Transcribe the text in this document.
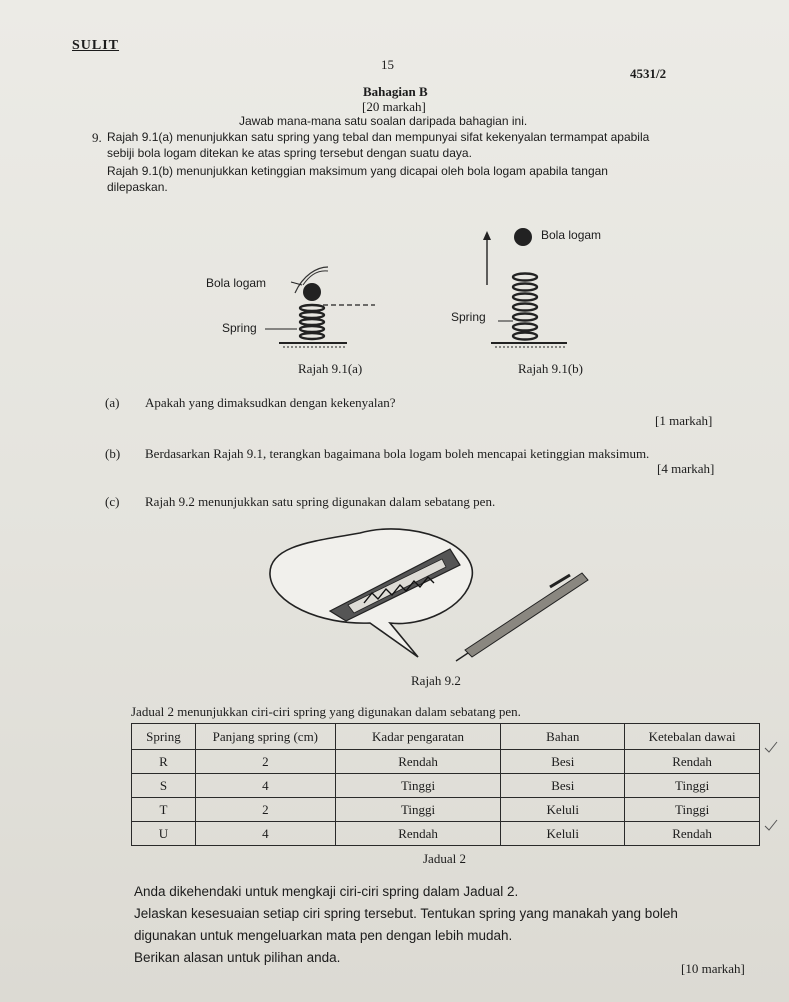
SULIT
15
4531/2
Bahagian B
[20 markah]
Jawab mana-mana satu soalan daripada bahagian ini.
9. Rajah 9.1(a) menunjukkan satu spring yang tebal dan mempunyai sifat kekenyalan termampat apabila
sebiji bola logam ditekan ke atas spring tersebut dengan suatu daya.
Rajah 9.1(b) menunjukkan ketinggian maksimum yang dicapai oleh bola logam apabila tangan
dilepaskan.
Bola logam
Bola logam
Spring
Spring
Rajah 9.1(a)	Rajah 9.1(b)
(a) Apakah yang dimaksudkan dengan kekenyalan?
[1 markah]
(b) Berdasarkan Rajah 9.1, terangkan bagaimana bola logam boleh mencapai ketinggian maksimum.
[4 markah]
(c) Rajah 9.2 menunjukkan satu spring digunakan dalam sebatang pen.
Rajah 9.2
Jadual 2 menunjukkan ciri-ciri spring yang digunakan dalam sebatang pen.
Spring	Panjang spring (cm)	Kadar pengaratan	Bahan	Ketebalan dawai
R	2	Rendah	Besi	Rendah
S	4	Tinggi	Besi	Tinggi
T	2	Tinggi	Keluli	Tinggi
U	4	Rendah	Keluli	Rendah
Jadual 2
Anda dikehendaki untuk mengkaji ciri-ciri spring dalam Jadual 2.
Jelaskan kesesuaian setiap ciri spring tersebut. Tentukan spring yang manakah yang boleh
digunakan untuk mengeluarkan mata pen dengan lebih mudah.
Berikan alasan untuk pilihan anda.
[10 markah]
